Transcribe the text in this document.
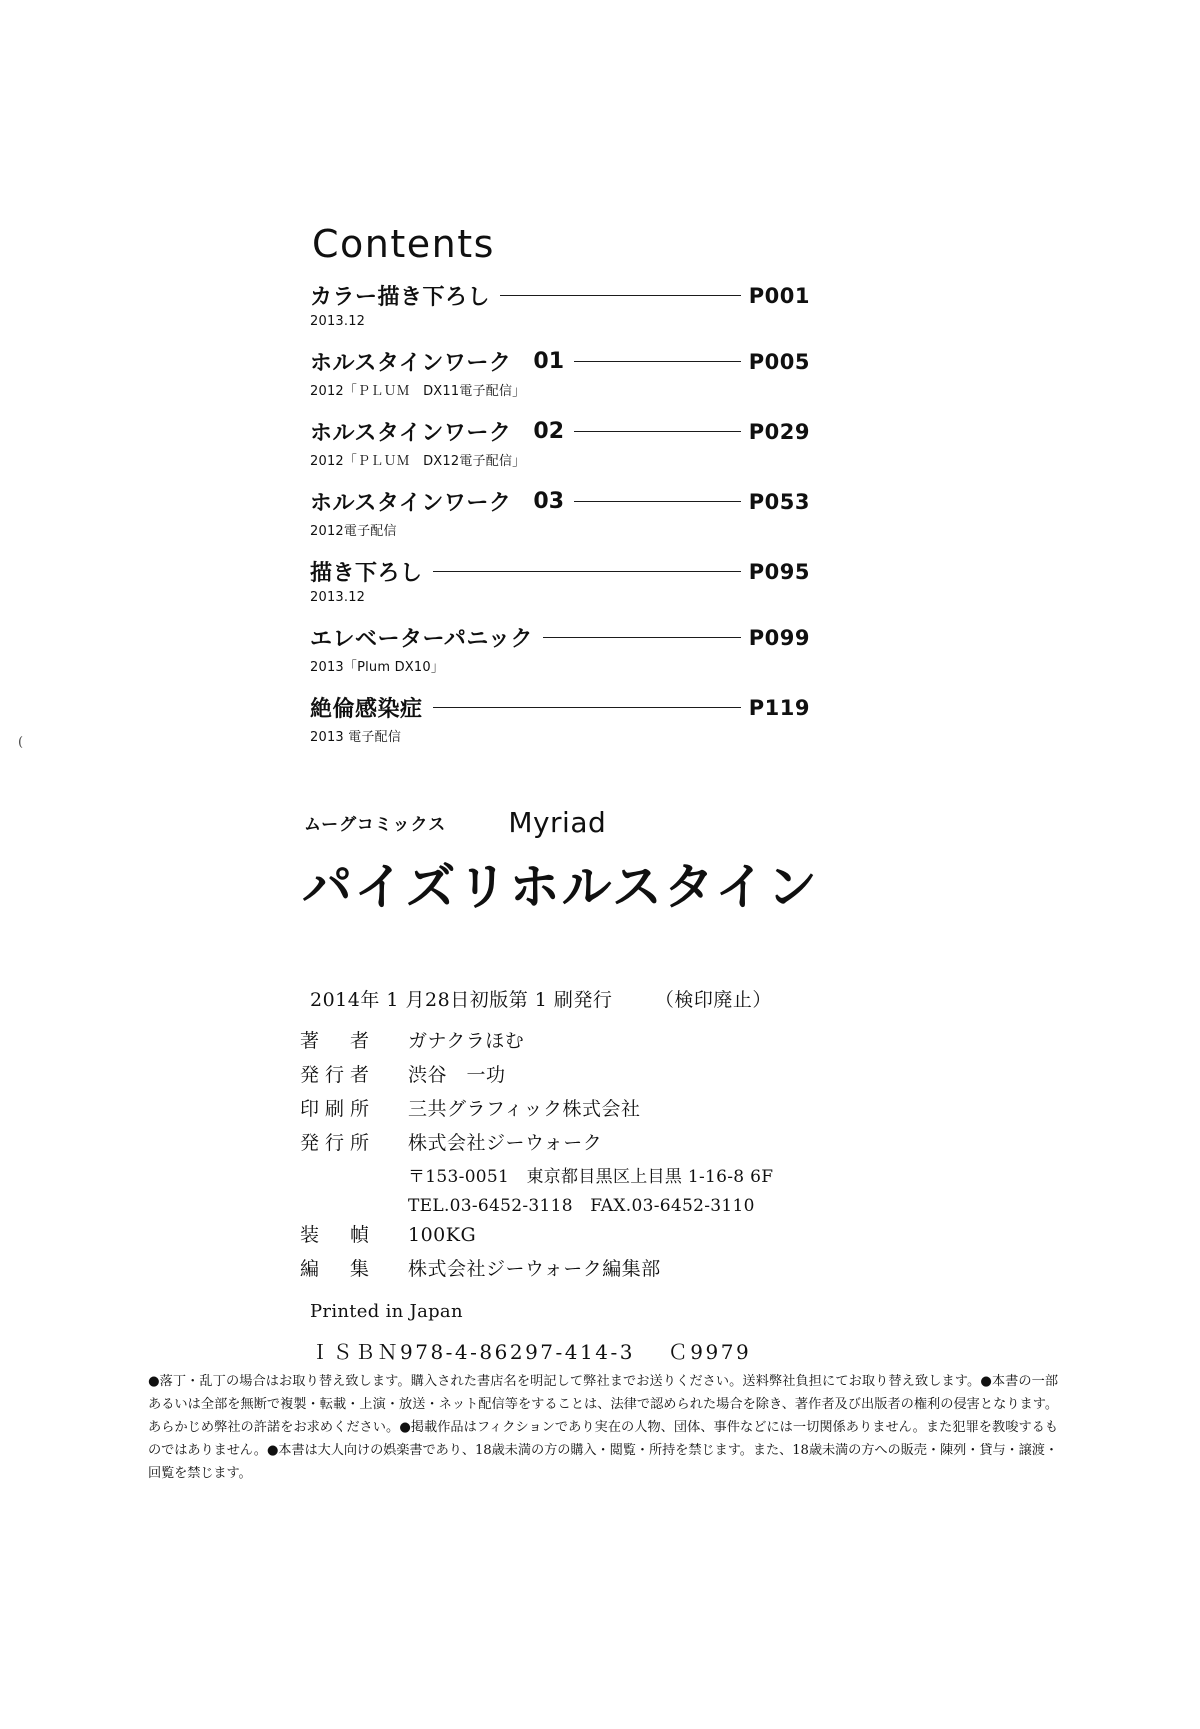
(
Contents
カラー描き下ろし	P001
2013.12
ホルスタインワーク 01	P005
2012「ＰＬＵＭ　DX11電子配信」
ホルスタインワーク 02	P029
2012「ＰＬＵＭ　DX12電子配信」
ホルスタインワーク 03	P053
2012電子配信
描き下ろし	P095
2013.12
エレベーターパニック	P099
2013「Plum DX10」
絶倫感染症	P119
2013 電子配信
ムーグコミックス Myriad
パイズリホルスタイン
2014年 1 月28日初版第 1 刷発行 （検印廃止）
著　者	ガナクラほむ
発行者	渋谷　一功
印刷所	三共グラフィック株式会社
発行所	株式会社ジーウォーク
〒153-0051　東京都目黒区上目黒 1-16-8 6F
TEL.03-6452-3118　FAX.03-6452-3110
装　幀	100KG
編　集	株式会社ジーウォーク編集部
Printed in Japan
ＩＳＢＮ978-4-86297-414-3 Ｃ9979

●落丁・乱丁の場合はお取り替え致します。購入された書店名を明記して弊社までお送りください。送料弊社負担にてお取り替え致します。●本書の一部あるいは全部を無断で複製・転載・上演・放送・ネット配信等をすることは、法律で認められた場合を除き、著作者及び出版者の権利の侵害となります。あらかじめ弊社の許諾をお求めください。●掲載作品はフィクションであり実在の人物、団体、事件などには一切関係ありません。また犯罪を教唆するものではありません。●本書は大人向けの娯楽書であり、18歳未満の方の購入・閲覧・所持を禁じます。また、18歳未満の方への販売・陳列・貸与・譲渡・回覧を禁じます。
